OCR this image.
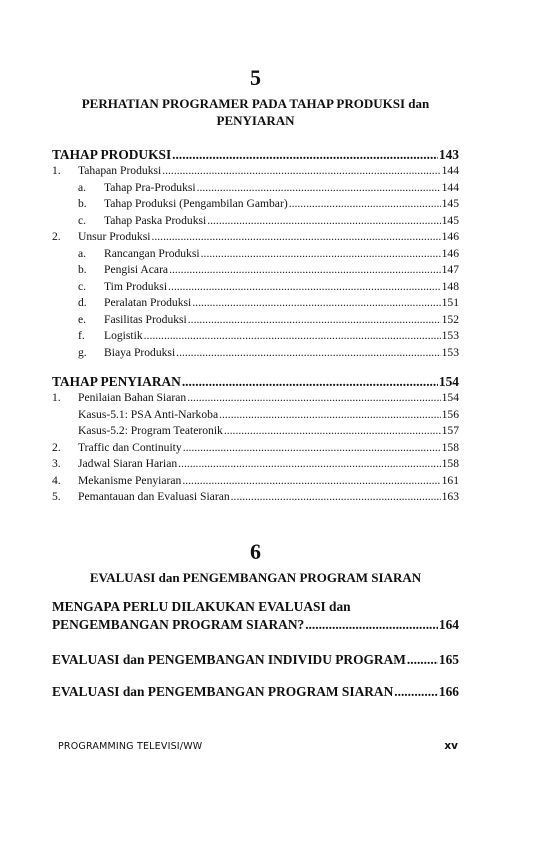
5
PERHATIAN PROGRAMER PADA TAHAP PRODUKSI dan
PENYIARAN
TAHAP PRODUKSI .....	143
1.	Tahapan Produksi .....	144
a.	Tahap Pra-Produksi .....	144
b.	Tahap Produksi (Pengambilan Gambar) .....	145
c.	Tahap Paska Produksi .....	145
2.	Unsur Produksi .....	146
a.	Rancangan Produksi .....	146
b.	Pengisi Acara .....	147
c.	Tim Produksi .....	148
d.	Peralatan Produksi .....	151
e.	Fasilitas Produksi .....	152
f.	Logistik .....	153
g.	Biaya Produksi .....	153
TAHAP PENYIARAN .....	154
1.	Penilaian Bahan Siaran .....	154
Kasus-5.1: PSA Anti-Narkoba .....	156
Kasus-5.2: Program Teateronik .....	157
2.	Traffic dan Continuity .....	158
3.	Jadwal Siaran Harian .....	158
4.	Mekanisme Penyiaran .....	161
5.	Pemantauan dan Evaluasi Siaran .....	163
6
EVALUASI dan PENGEMBANGAN PROGRAM SIARAN
MENGAPA PERLU DILAKUKAN EVALUASI dan
PENGEMBANGAN PROGRAM SIARAN? .....	164
EVALUASI dan PENGEMBANGAN INDIVIDU PROGRAM ..... 165
EVALUASI dan PENGEMBANGAN PROGRAM SIARAN .....	166
PROGRAMMING TELEVISI/WW	xv
